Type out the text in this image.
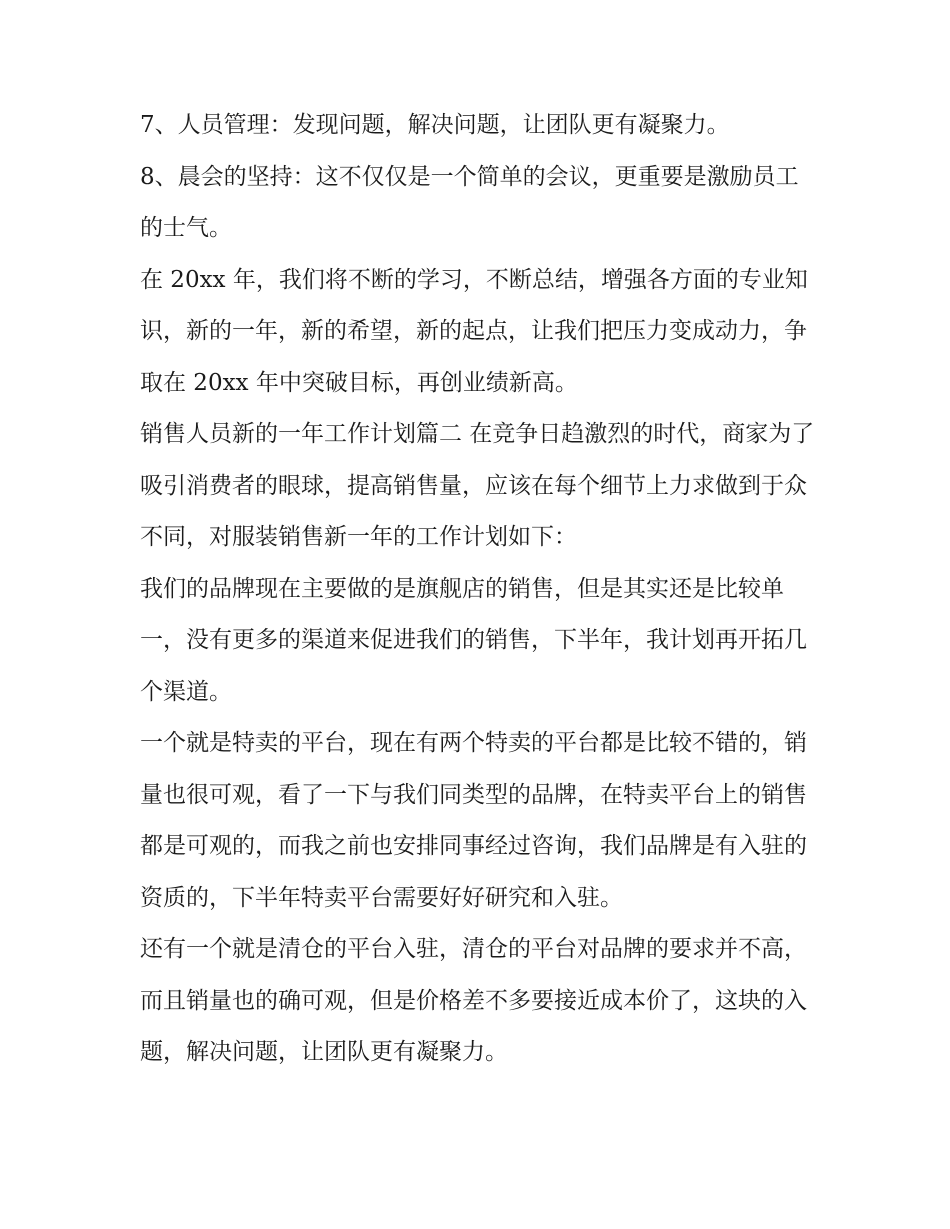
7、人员管理：发现问题，解决问题，让团队更有凝聚力。

8、晨会的坚持：这不仅仅是一个简单的会议，更重要是激励员工的士气。

在 20xx 年，我们将不断的学习，不断总结，增强各方面的专业知识，新的一年，新的希望，新的起点，让我们把压力变成动力，争取在 20xx 年中突破目标，再创业绩新高。

销售人员新的一年工作计划篇二 在竞争日趋激烈的时代，商家为了吸引消费者的眼球，提高销售量，应该在每个细节上力求做到于众不同，对服装销售新一年的工作计划如下：

我们的品牌现在主要做的是旗舰店的销售，但是其实还是比较单一，没有更多的渠道来促进我们的销售，下半年，我计划再开拓几个渠道。

一个就是特卖的平台，现在有两个特卖的平台都是比较不错的，销量也很可观，看了一下与我们同类型的品牌，在特卖平台上的销售都是可观的，而我之前也安排同事经过咨询，我们品牌是有入驻的资质的，下半年特卖平台需要好好研究和入驻。

还有一个就是清仓的平台入驻，清仓的平台对品牌的要求并不高，而且销量也的确可观，但是价格差不多要接近成本价了，这块的入题，解决问题，让团队更有凝聚力。
